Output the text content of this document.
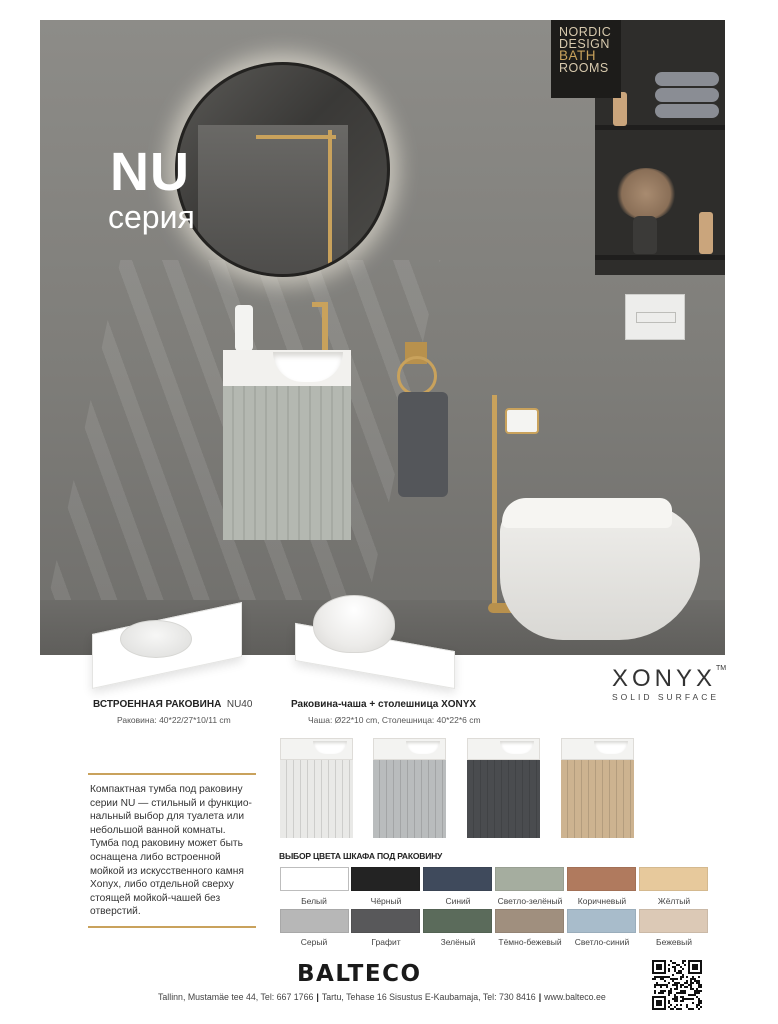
NORDIC
DESIGN
BATH
ROOMS
NU
серия
XONYX™
SOLID SURFACE
ВСТРОЕННАЯ РАКОВИНА NU40
Раковина: 40*22/27*10/11 cm
Раковина-чаша + столешница XONYX
Чаша: Ø22*10 cm, Столешница: 40*22*6 cm
Компактная тумба под раковину
серии NU — стильный и функцио-
нальный выбор для туалета или
небольшой ванной комнаты.
Тумба под раковину может быть
оснащена либо встроенной
мойкой из искусственного камня
Xonyx, либо отдельной сверху
стоящей мойкой-чашей без
отверстий.
ВЫБОР ЦВЕТА ШКАФА ПОД РАКОВИНУ
Белый	Чёрный	Синий	Светло-зелёный	Коричневый	Жёлтый
Серый	Графит	Зелёный	Тёмно-бежевый	Светло-синий	Бежевый
BALTECO
Tallinn, Mustamäe tee 44, Tel: 667 1766 | Tartu, Tehase 16 Sisustus E-Kaubamaja, Tel: 730 8416 | www.balteco.ee
